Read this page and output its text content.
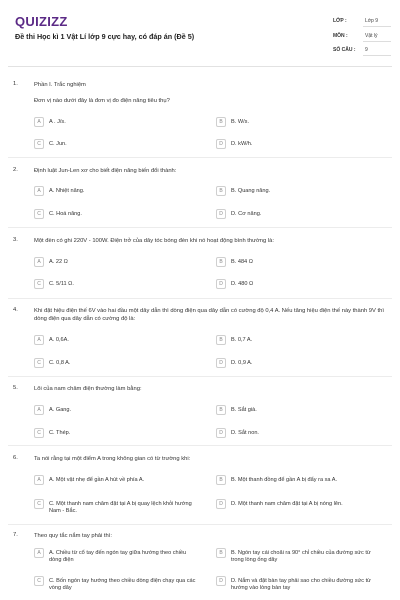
QUIZIZZ
Đề thi Học kì 1 Vật Lí lớp 9 cực hay, có đáp án (Đề 5)
LỚP :	Lớp 9
MÔN :	Vật lý
SỐ CÂU : 9
1.	Phần I. Trắc nghiệm
Đơn vị nào dưới đây là đơn vị đo điện năng tiêu thụ?
A	A . J/s.	B	B. W/s.
C	C. Jun.	D	D. kW/h.
2.	Định luật Jun-Len xơ cho biết điện năng biến đổi thành:
A	A. Nhiệt năng.	B	B. Quang năng.
C	C. Hoá năng.	D	D. Cơ năng.
3.	Một đèn có ghi 220V - 100W. Điện trở của dây tóc bóng đèn khi nó hoạt động bình thường là:
A	A. 22 Ω	B	B. 484 Ω
C	C. 5/11 Ω.	D	D. 480 Ω
4.	Khi đặt hiệu điện thế 6V vào hai đầu một dây dẫn thì dòng điện qua dây dẫn có cường độ 0,4 A. Nếu tăng hiệu điện thế này thành 9V thì dòng điện qua dây dẫn có cường độ là:
A	A. 0,6A.	B	B. 0,7 A.
C	C. 0,8 A.	D	D. 0,9 A.
5.	Lõi của nam châm điện thường làm bằng:
A	A. Gang.	B	B. Sắt già.
C	C. Thép.	D	D. Sắt non.
6.	Ta nói rằng tại một điểm A trong không gian có từ trường khi:
A	A. Một vật nhẹ để gần A hút về phía A.	B	B. Một thanh đồng để gần A bị đẩy ra xa A.
C	C. Một thanh nam châm đặt tại A bị quay lệch khỏi hướng Nam - Bắc.
D	D. Một thanh nam châm đặt tại A bị nóng lên.
7.	Theo quy tắc nắm tay phải thì:
A	A. Chiều từ cổ tay đến ngón tay giữa hướng theo chiều dòng điện
B	B. Ngón tay cái choãi ra 90° chỉ chiều của đường sức từ trong lòng ống dây
C	C. Bốn ngón tay hướng theo chiều dòng điện chạy qua các vòng dây
D	D. Nắm và đặt bàn tay phải sao cho chiều đường sức từ hướng vào lòng bàn tay
